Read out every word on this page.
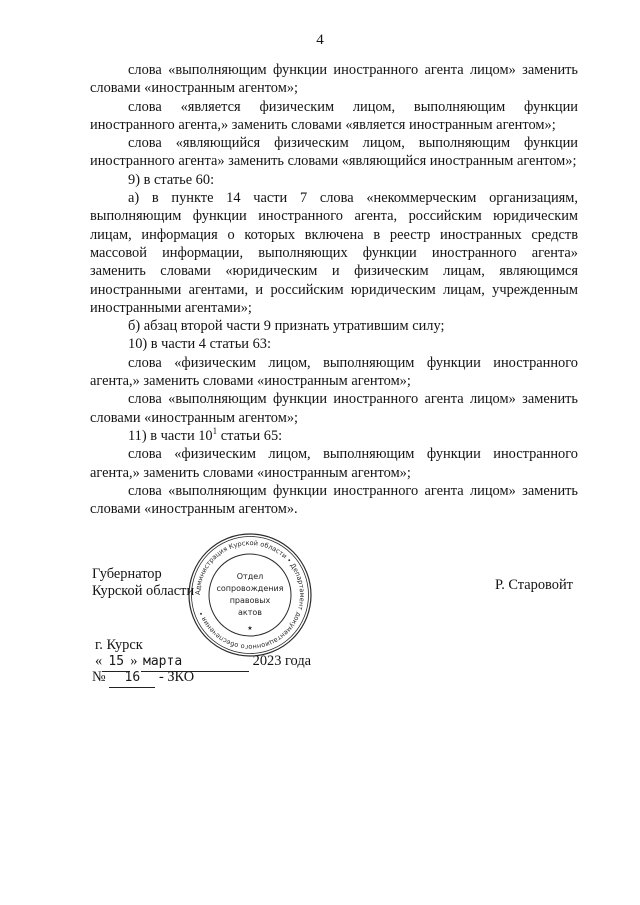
4

слова «выполняющим функции иностранного агента лицом» заменить словами «иностранным агентом»;

слова «является физическим лицом, выполняющим функции иностранного агента,» заменить словами «является иностранным агентом»;

слова «являющийся физическим лицом, выполняющим функции иностранного агента» заменить словами «являющийся иностранным агентом»;

9) в статье 60:

а) в пункте 14 части 7 слова «некоммерческим организациям, выполняющим функции иностранного агента, российским юридическим лицам, информация о которых включена в реестр иностранных средств массовой информации, выполняющих функции иностранного агента» заменить словами «юридическим и физическим лицам, являющимся иностранными агентами, и российским юридическим лицам, учрежденным иностранными агентами»;

б) абзац второй части 9 признать утратившим силу;

10) в части 4 статьи 63:

слова «физическим лицом, выполняющим функции иностранного агента,» заменить словами «иностранным агентом»;

слова «выполняющим функции иностранного агента лицом» заменить словами «иностранным агентом»;

11) в части $10^1$ статьи 65:

слова «физическим лицом, выполняющим функции иностранного агента,» заменить словами «иностранным агентом»;

слова «выполняющим функции иностранного агента лицом» заменить словами «иностранным агентом».

Губернатор
Курской области	Р. Старовойт
г. Курск
« 15 » марта	2023 года
№ 16 - ЗКО
Администрация Курской области • Департамент документационного обеспечения •
Отдел
сопровождения
правовых
актов
★
